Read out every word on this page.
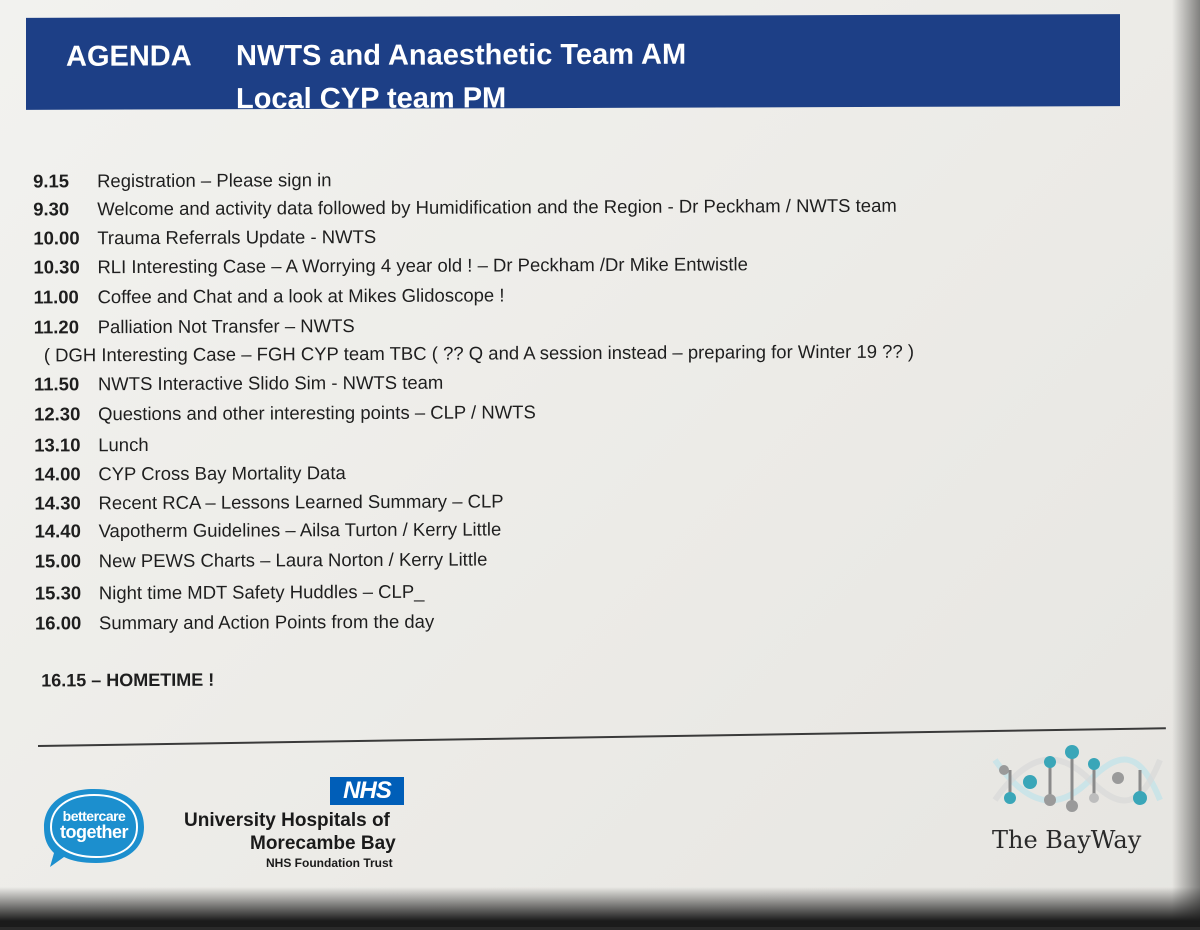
AGENDA NWTS and Anaesthetic Team AM
Local CYP team PM
9.15 Registration – Please sign in
9.30 Welcome and activity data followed by Humidification and the Region - Dr Peckham / NWTS team
10.00 Trauma Referrals Update - NWTS
10.30 RLI Interesting Case – A Worrying 4 year old ! – Dr Peckham /Dr Mike Entwistle
11.00 Coffee and Chat and a look at Mikes Glidoscope !
11.20 Palliation Not Transfer – NWTS
( DGH Interesting Case – FGH CYP team TBC ( ?? Q and A session instead – preparing for Winter 19 ?? )
11.50 NWTS Interactive Slido Sim - NWTS team
12.30 Questions and other interesting points – CLP / NWTS
13.10 Lunch
14.00 CYP Cross Bay Mortality Data
14.30 Recent RCA – Lessons Learned Summary – CLP
14.40 Vapotherm Guidelines – Ailsa Turton / Kerry Little
15.00 New PEWS Charts – Laura Norton / Kerry Little
15.30 Night time MDT Safety Huddles – CLP_
16.00 Summary and Action Points from the day
16.15 – HOMETIME !
bettercare
together
NHS
University Hospitals of
Morecambe Bay
NHS Foundation Trust
The BayWay
